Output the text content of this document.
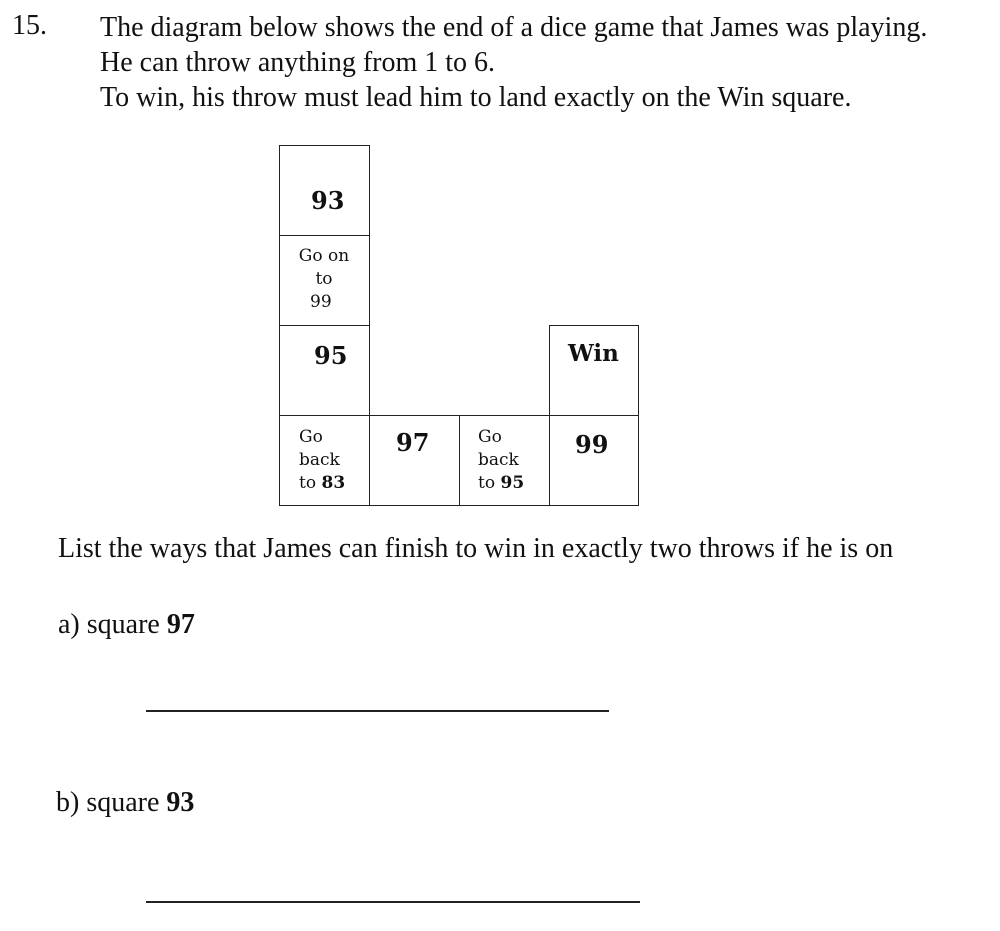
15. The diagram below shows the end of a dice game that James was playing.
He can throw anything from 1 to 6.
To win, his throw must lead him to land exactly on the Win square.
93
Go on
to
99
95
Go
back
to 83
97	Go
back
to 95
99
Win
List the ways that James can finish to win in exactly two throws if he is on
a) square 97
b) square 93
